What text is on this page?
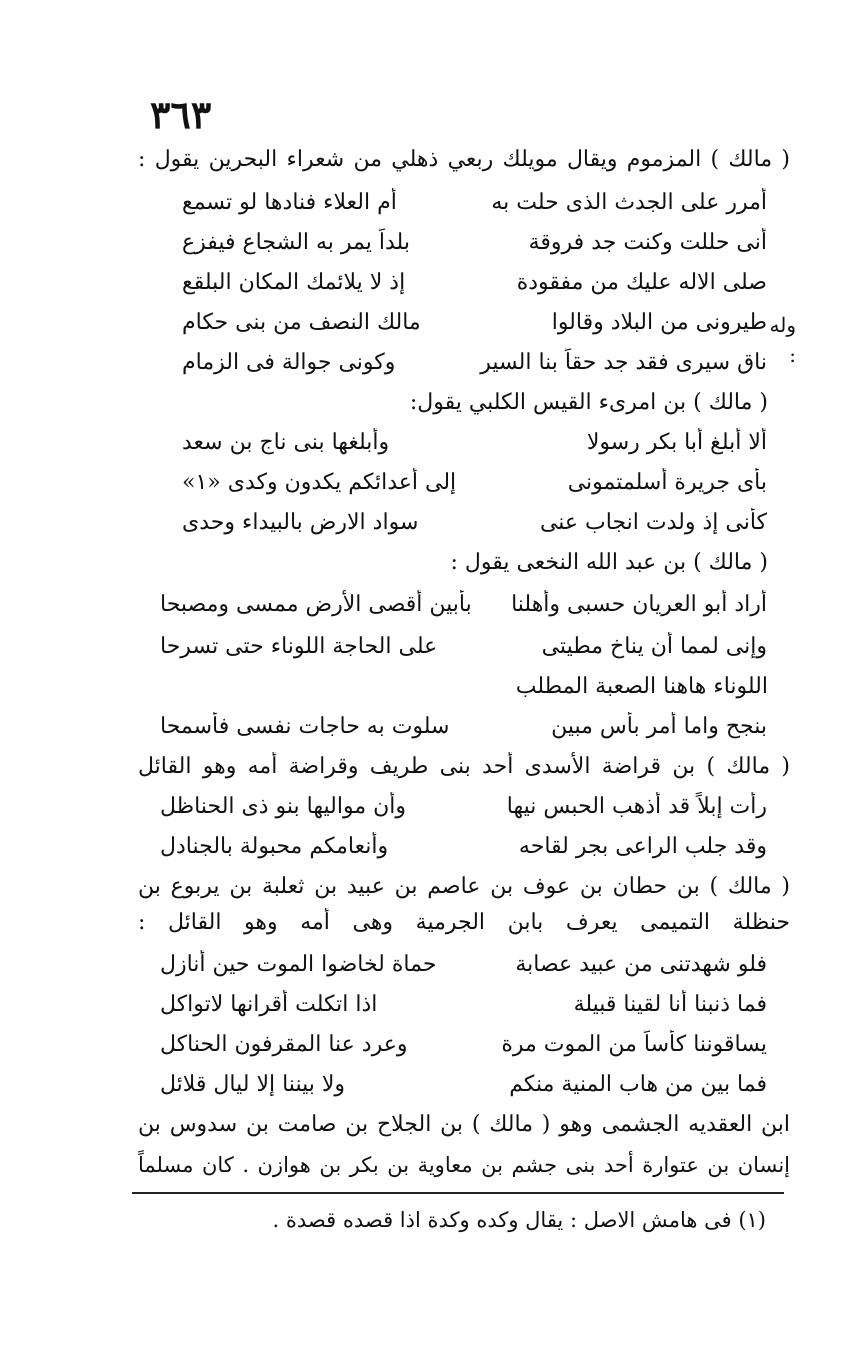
٣٦٣
وله :
( مالك ) المزموم ويقال مويلك ربعي ذهلي من شعراء البحرين يقول :
أمرر على الجدث الذى حلت به
أم العلاء فنادها لو تسمع
أنى حللت وكنت جد فروقة
بلداً يمر به الشجاع فيفزع
صلى الاله عليك من مفقودة
إذ لا يلائمك المكان البلقع
طيرونى من البلاد وقالوا
مالك النصف من بنى حكام
ناق سيرى فقد جد حقاً بنا السير
وكونى جوالة فى الزمام
( مالك ) بن امرىء القيس الكلبي يقول:
ألا أبلغ أبا بكر رسولا
وأبلغها بنى ناج بن سعد
بأى جريرة أسلمتمونى
إلى أعدائكم يكدون وكدى «١»
كأنى إذ ولدت انجاب عنى
سواد الارض بالبيداء وحدى
( مالك ) بن عبد الله النخعى يقول :
أراد أبو العريان حسبى وأهلنا
بأبين أقصى الأرض ممسى ومصبحا
وإنى لمما أن يناخ مطيتى
على الحاجة اللوناء حتى تسرحا
اللوناء هاهنا الصعبة المطلب
بنجح واما أمر بأس مبين
سلوت به حاجات نفسى فأسمحا
( مالك ) بن قراضة الأسدى أحد بنى طريف وقراضة أمه وهو القائل
رأت إبلاً قد أذهب الحبس نيها
وأن مواليها بنو ذى الحناظل
وقد جلب الراعى بجر لقاحه
وأنعامكم محبولة بالجنادل
( مالك ) بن حطان بن عوف بن عاصم بن عبيد بن ثعلبة بن يربوع بن
حنظلة التميمى يعرف بابن الجرمية وهى أمه وهو القائل :
فلو شهدتنى من عبيد عصابة
حماة لخاضوا الموت حين أنازل
فما ذنبنا أنا لقينا قبيلة
اذا اتكلت أقرانها لاتواكل
يساقوننا كأساً من الموت مرة
وعرد عنا المقرفون الحناكل
فما بين من هاب المنية منكم
ولا بيننا إلا ليال قلائل
ابن العقديه الجشمى وهو ( مالك ) بن الجلاح بن صامت بن سدوس بن
إنسان بن عتوارة أحد بنى جشم بن معاوية بن بكر بن هوازن . كان مسلماً
(١) فى هامش الاصل : يقال وكده وكدة اذا قصده قصدة .
